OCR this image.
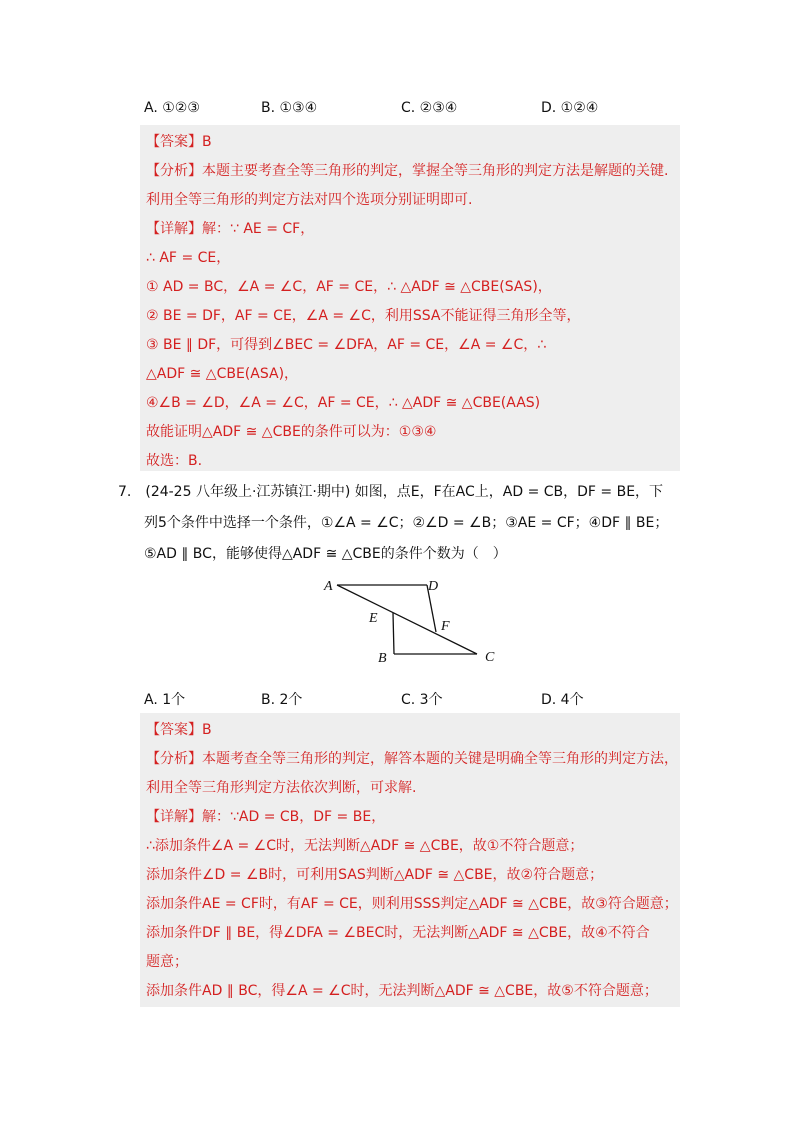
A. ①②③	B. ①③④	C. ②③④	D. ①②④
【答案】B
【分析】本题主要考查全等三角形的判定，掌握全等三角形的判定方法是解题的关键.
利用全等三角形的判定方法对四个选项分别证明即可.
【详解】解：∵ AE = CF，
∴ AF = CE，
① AD = BC，∠A = ∠C，AF = CE，∴ △ADF ≅ △CBE(SAS)，
② BE = DF，AF = CE，∠A = ∠C，利用SSA不能证得三角形全等，
③ BE ∥ DF，可得到∠BEC = ∠DFA，AF = CE，∠A = ∠C，∴
△ADF ≅ △CBE(ASA)，
④∠B = ∠D，∠A = ∠C，AF = CE，∴ △ADF ≅ △CBE(AAS)
故能证明△ADF ≅ △CBE的条件可以为：①③④
故选：B.
7.　(24-25 八年级上·江苏镇江·期中) 如图，点E，F在AC上，AD = CB，DF = BE，下
列5个条件中选择一个条件，①∠A = ∠C；②∠D = ∠B；③AE = CF；④DF ∥ BE；
⑤AD ∥ BC，能够使得△ADF ≅ △CBE的条件个数为（　）
A	D
E
F
B	C
A. 1个	B. 2个	C. 3个	D. 4个
【答案】B
【分析】本题考查全等三角形的判定，解答本题的关键是明确全等三角形的判定方法，
利用全等三角形判定方法依次判断，可求解.
【详解】解：∵AD = CB，DF = BE，
∴添加条件∠A = ∠C时，无法判断△ADF ≅ △CBE，故①不符合题意；
添加条件∠D = ∠B时，可利用SAS判断△ADF ≅ △CBE，故②符合题意；
添加条件AE = CF时，有AF = CE，则利用SSS判定△ADF ≅ △CBE，故③符合题意；
添加条件DF ∥ BE，得∠DFA = ∠BEC时，无法判断△ADF ≅ △CBE，故④不符合
题意；
添加条件AD ∥ BC，得∠A = ∠C时，无法判断△ADF ≅ △CBE，故⑤不符合题意；
